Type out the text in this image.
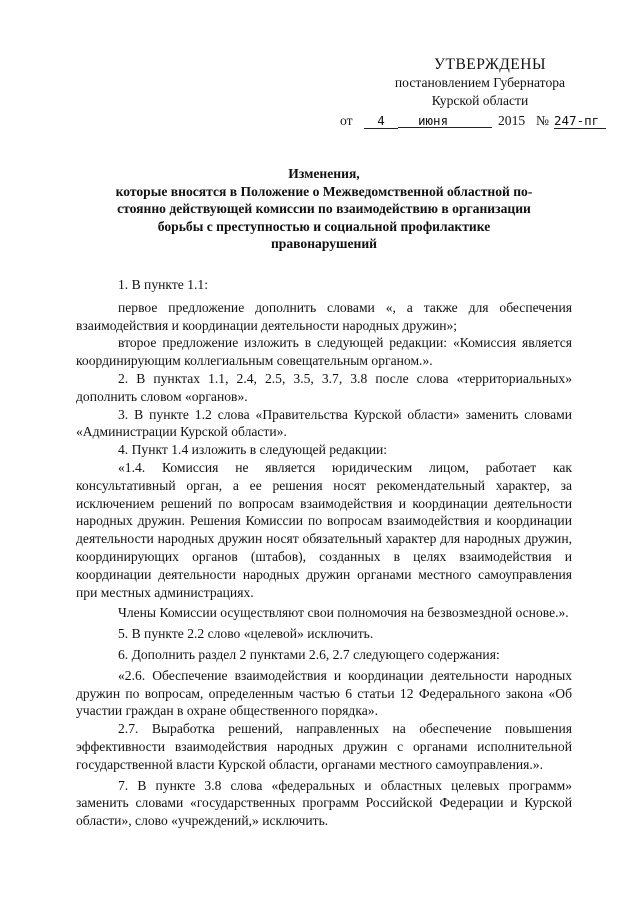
УТВЕРЖДЕНЫ
постановлением Губернатора
Курской области
от	4	июня	2015 № 247-пг
Изменения,
которые вносятся в Положение о Межведомственной областной по-
стоянно действующей комиссии по взаимодействию в организации
борьбы с преступностью и социальной профилактике
правонарушений

1. В пункте 1.1:

первое предложение дополнить словами «, а также для обеспечения взаимодействия и координации деятельности народных дружин»;

второе предложение изложить в следующей редакции: «Комиссия является координирующим коллегиальным совещательным органом.».

2. В пунктах 1.1, 2.4, 2.5, 3.5, 3.7, 3.8 после слова «территориальных» дополнить словом «органов».

3. В пункте 1.2 слова «Правительства Курской области» заменить словами «Администрации Курской области».

4. Пункт 1.4 изложить в следующей редакции:

«1.4. Комиссия не является юридическим лицом, работает как консультативный орган, а ее решения носят рекомендательный характер, за исключением решений по вопросам взаимодействия и координации деятельности народных дружин. Решения Комиссии по вопросам взаимодействия и координации деятельности народных дружин носят обязательный характер для народных дружин, координирующих органов (штабов), созданных в целях взаимодействия и координации деятельности народных дружин органами местного самоуправления при местных администрациях.

Члены Комиссии осуществляют свои полномочия на безвозмездной основе.».

5. В пункте 2.2 слово «целевой» исключить.

6. Дополнить раздел 2 пунктами 2.6, 2.7 следующего содержания:

«2.6. Обеспечение взаимодействия и координации деятельности народных дружин по вопросам, определенным частью 6 статьи 12 Федерального закона «Об участии граждан в охране общественного порядка».

2.7. Выработка решений, направленных на обеспечение повышения эффективности взаимодействия народных дружин с органами исполнительной государственной власти Курской области, органами местного самоуправления.».

7. В пункте 3.8 слова «федеральных и областных целевых программ» заменить словами «государственных программ Российской Федерации и Курской области», слово «учреждений,» исключить.
